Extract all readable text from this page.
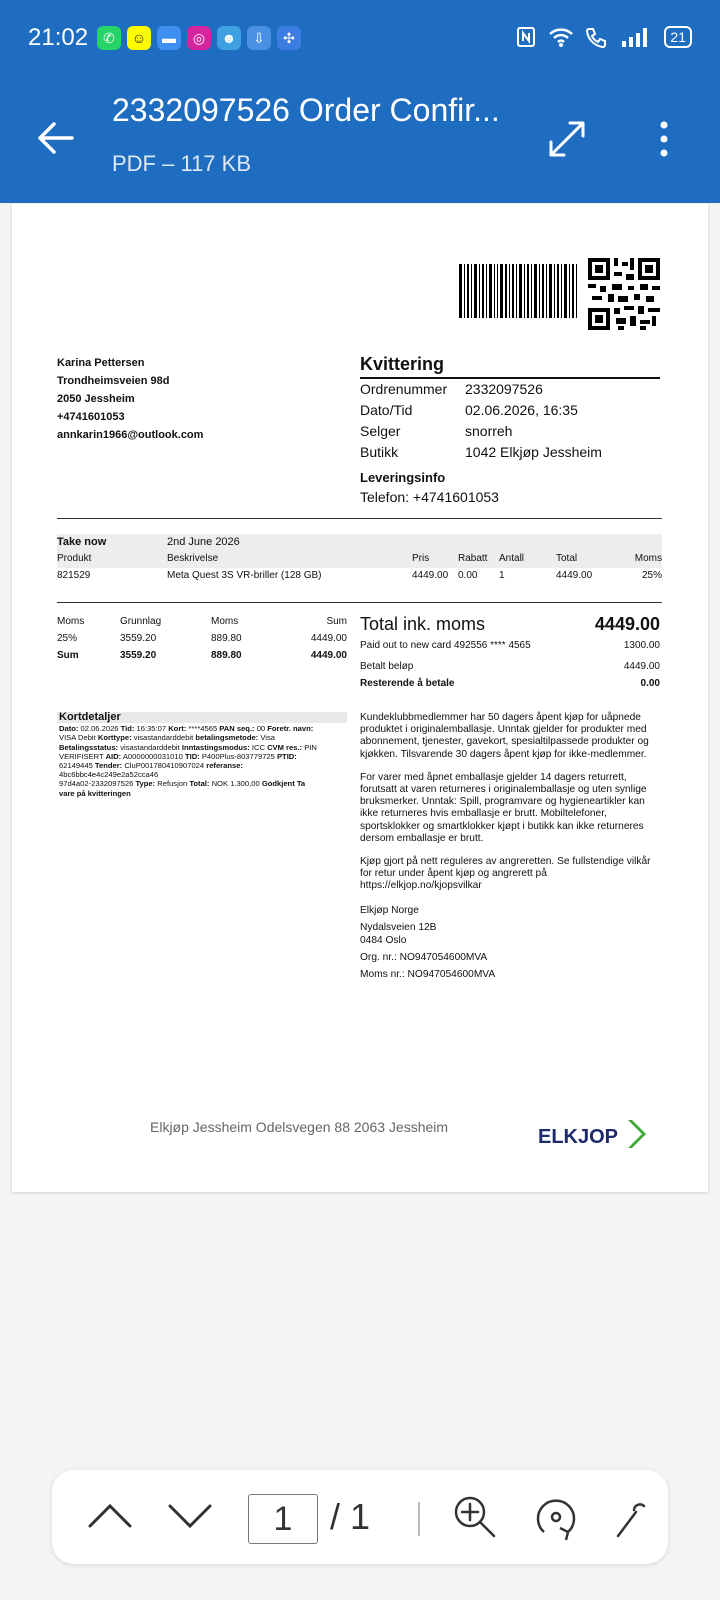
21:02	✆	☺	▬	◎	☻	⇩	✣	21
2332097526 Order Confir...
PDF – 117 KB
Karina Pettersen
Trondheimsveien 98d
2050 Jessheim
+4741601053
annkarin1966@outlook.com
Kvittering
Ordrenummer	2332097526
Dato/Tid	02.06.2026, 16:35
Selger	snorreh
Butikk	1042 Elkjøp Jessheim
Leveringsinfo
Telefon: +4741601053
Take now	2nd June 2026
Produkt	Beskrivelse	Pris	Rabatt Antall	Total	Moms
821529	Meta Quest 3S VR-briller (128 GB)	4449.00 0.00 1	4449.00	25%
Moms	Grunnlag	Moms	Sum
25%	3559.20	889.80	4449.00
Sum	3559.20	889.80	4449.00
Total ink. moms	4449.00
Paid out to new card 492556 **** 4565	1300.00
Betalt beløp	4449.00
Resterende å betale	0.00
Kortdetaljer
Dato: 02.06.2026 Tid: 16:35:07 Kort: ****4565 PAN seq.: 00 Foretr. navn:
VISA Debit Korttype: visastandarddebit betalingsmetode: Visa
Betalingsstatus: visastandarddebit Inntastingsmodus: ICC CVM res.: PIN
VERIFISERT AID: A0000000031010 TID: P400Plus-803779725 PTID:
62149445 Tender: CluP001780410907024 referanse:
4bc6bbc4e4c249e2a52cca46
97d4a02-2332097526 Type: Refusjon Total: NOK 1.300,00 Godkjent Ta
vare på kvitteringen

Kundeklubbmedlemmer har 50 dagers åpent kjøp for uåpnede produktet i originalemballasje. Unntak gjelder for produkter med abonnement, tjenester, gavekort, spesialtilpassede produkter og kjøkken. Tilsvarende 30 dagers åpent kjøp for ikke-medlemmer.

For varer med åpnet emballasje gjelder 14 dagers returrett, forutsatt at varen returneres i originalemballasje og uten synlige bruksmerker. Unntak: Spill, programvare og hygieneartikler kan ikke returneres hvis emballasje er brutt. Mobiltelefoner, sportsklokker og smartklokker kjøpt i butikk kan ikke returneres dersom emballasje er brutt.

Kjøp gjort på nett reguleres av angreretten. Se fullstendige vilkår for retur under åpent kjøp og angrerett på https://elkjop.no/kjopsvilkar

Elkjøp Norge
Nydalsveien 12B
0484 Oslo
Org. nr.: NO947054600MVA
Moms nr.: NO947054600MVA
Elkjøp Jessheim Odelsvegen 88 2063 Jessheim	ELKJOP
1	/ 1
